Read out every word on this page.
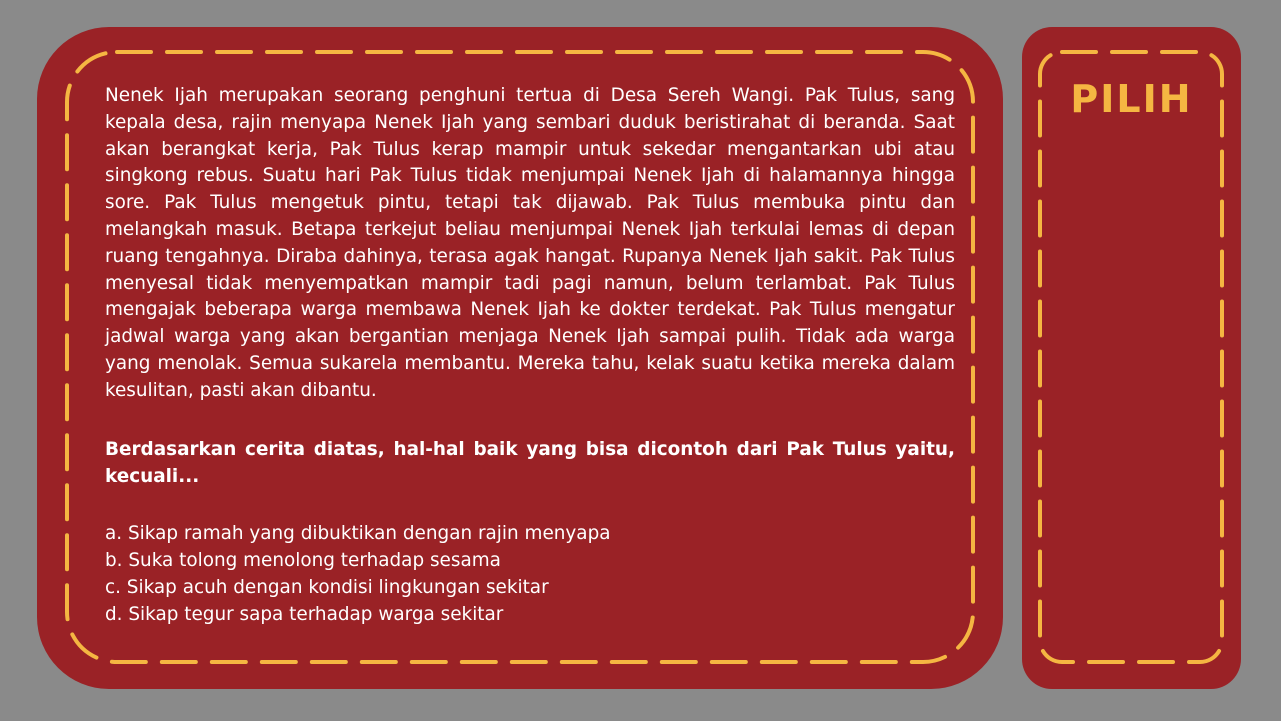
Nenek Ijah merupakan seorang penghuni tertua di Desa Sereh Wangi. Pak Tulus, sang kepala desa, rajin menyapa Nenek Ijah yang sembari duduk beristirahat di beranda. Saat akan berangkat kerja, Pak Tulus kerap mampir untuk sekedar mengantarkan ubi atau singkong rebus. Suatu hari Pak Tulus tidak menjumpai Nenek Ijah di halamannya hingga sore. Pak Tulus mengetuk pintu, tetapi tak dijawab. Pak Tulus membuka pintu dan melangkah masuk. Betapa terkejut beliau menjumpai Nenek Ijah terkulai lemas di depan ruang tengahnya. Diraba dahinya, terasa agak hangat. Rupanya Nenek Ijah sakit. Pak Tulus menyesal tidak menyempatkan mampir tadi pagi namun, belum terlambat. Pak Tulus mengajak beberapa warga membawa Nenek Ijah ke dokter terdekat. Pak Tulus mengatur jadwal warga yang akan bergantian menjaga Nenek Ijah sampai pulih. Tidak ada warga yang menolak. Semua sukarela membantu. Mereka tahu, kelak suatu ketika mereka dalam kesulitan, pasti akan dibantu.

Berdasarkan cerita diatas, hal-hal baik yang bisa dicontoh dari Pak Tulus yaitu, kecuali...

a. Sikap ramah yang dibuktikan dengan rajin menyapa
b. Suka tolong menolong terhadap sesama
c. Sikap acuh dengan kondisi lingkungan sekitar
d. Sikap tegur sapa terhadap warga sekitar
PILIH
